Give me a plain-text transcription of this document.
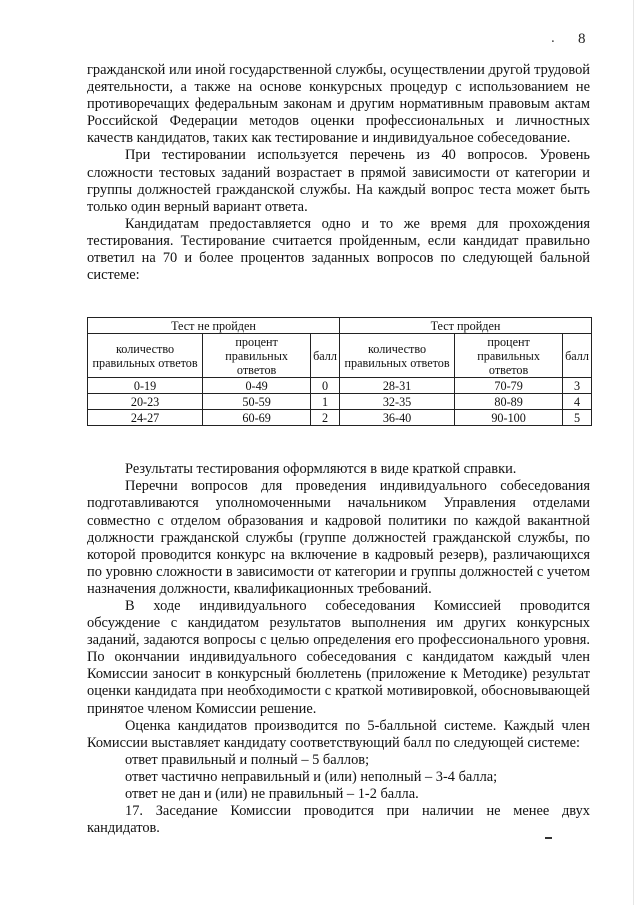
. 8

гражданской или иной государственной службы, осуществлении другой трудовой деятельности, а также на основе конкурсных процедур с использованием не противоречащих федеральным законам и другим нормативным правовым актам Российской Федерации методов оценки профессиональных и личностных качеств кандидатов, таких как тестирование и индивидуальное собеседование.

При тестировании используется перечень из 40 вопросов. Уровень сложности тестовых заданий возрастает в прямой зависимости от категории и группы должностей гражданской службы. На каждый вопрос теста может быть только один верный вариант ответа.

Кандидатам предоставляется одно и то же время для прохождения тестирования. Тестирование считается пройденным, если кандидат правильно ответил на 70 и более процентов заданных вопросов по следующей бальной системе:

Тест не пройден			Тест пройден		
количество правильных ответов	процент правильных ответов	балл	количество правильных ответов	процент правильных ответов	балл
0-19	0-49	0	28-31	70-79	3
20-23	50-59	1	32-35	80-89	4
24-27	60-69	2	36-40	90-100	5

Результаты тестирования оформляются в виде краткой справки.

Перечни вопросов для проведения индивидуального собеседования подготавливаются уполномоченными начальником Управления отделами совместно с отделом образования и кадровой политики по каждой вакантной должности гражданской службы (группе должностей гражданской службы, по которой проводится конкурс на включение в кадровый резерв), различающихся по уровню сложности в зависимости от категории и группы должностей с учетом назначения должности, квалификационных требований.

В ходе индивидуального собеседования Комиссией проводится обсуждение с кандидатом результатов выполнения им других конкурсных заданий, задаются вопросы с целью определения его профессионального уровня. По окончании индивидуального собеседования с кандидатом каждый член Комиссии заносит в конкурсный бюллетень (приложение к Методике) результат оценки кандидата при необходимости с краткой мотивировкой, обосновывающей принятое членом Комиссии решение.

Оценка кандидатов производится по 5-балльной системе. Каждый член Комиссии выставляет кандидату соответствующий балл по следующей системе:

ответ правильный и полный – 5 баллов;

ответ частично неправильный и (или) неполный – 3-4 балла;

ответ не дан и (или) не правильный – 1-2 балла.

17. Заседание Комиссии проводится при наличии не менее двух кандидатов.
